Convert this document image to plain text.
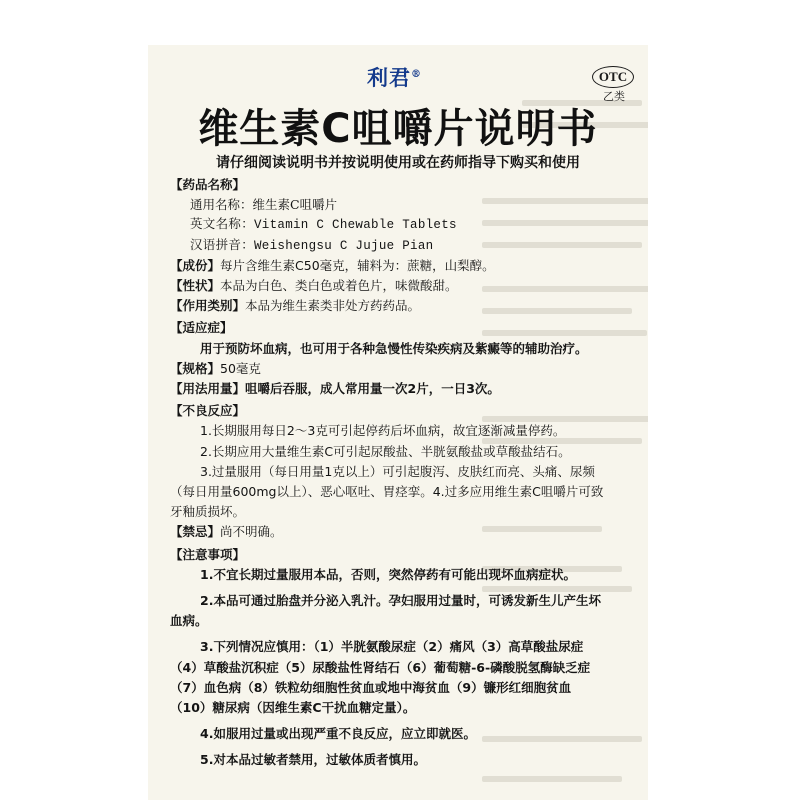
利君®	OTC
乙类
维生素C咀嚼片说明书
请仔细阅读说明书并按说明使用或在药师指导下购买和使用
【药品名称】
通用名称：维生素C咀嚼片
英文名称：Vitamin C Chewable Tablets
汉语拼音：Weishengsu C Jujue Pian
【成份】每片含维生素C50毫克，辅料为：蔗糖，山梨醇。
【性状】本品为白色、类白色或着色片，味微酸甜。
【作用类别】本品为维生素类非处方药药品。
【适应症】
用于预防坏血病，也可用于各种急慢性传染疾病及紫癜等的辅助治疗。
【规格】50毫克
【用法用量】咀嚼后吞服，成人常用量一次2片，一日3次。
【不良反应】
1.长期服用每日2～3克可引起停药后坏血病，故宜逐渐减量停药。
2.长期应用大量维生素C可引起尿酸盐、半胱氨酸盐或草酸盐结石。
3.过量服用（每日用量1克以上）可引起腹泻、皮肤红而亮、头痛、尿频
（每日用量600mg以上）、恶心呕吐、胃痉挛。4.过多应用维生素C咀嚼片可致
牙釉质损坏。
【禁忌】尚不明确。
【注意事项】
1.不宜长期过量服用本品，否则，突然停药有可能出现坏血病症状。
2.本品可通过胎盘并分泌入乳汁。孕妇服用过量时，可诱发新生儿产生坏
血病。
3.下列情况应慎用：（1）半胱氨酸尿症（2）痛风（3）高草酸盐尿症
（4）草酸盐沉积症（5）尿酸盐性肾结石（6）葡萄糖-6-磷酸脱氢酶缺乏症
（7）血色病（8）铁粒幼细胞性贫血或地中海贫血（9）镰形红细胞贫血
（10）糖尿病（因维生素C干扰血糖定量）。
4.如服用过量或出现严重不良反应，应立即就医。
5.对本品过敏者禁用，过敏体质者慎用。
